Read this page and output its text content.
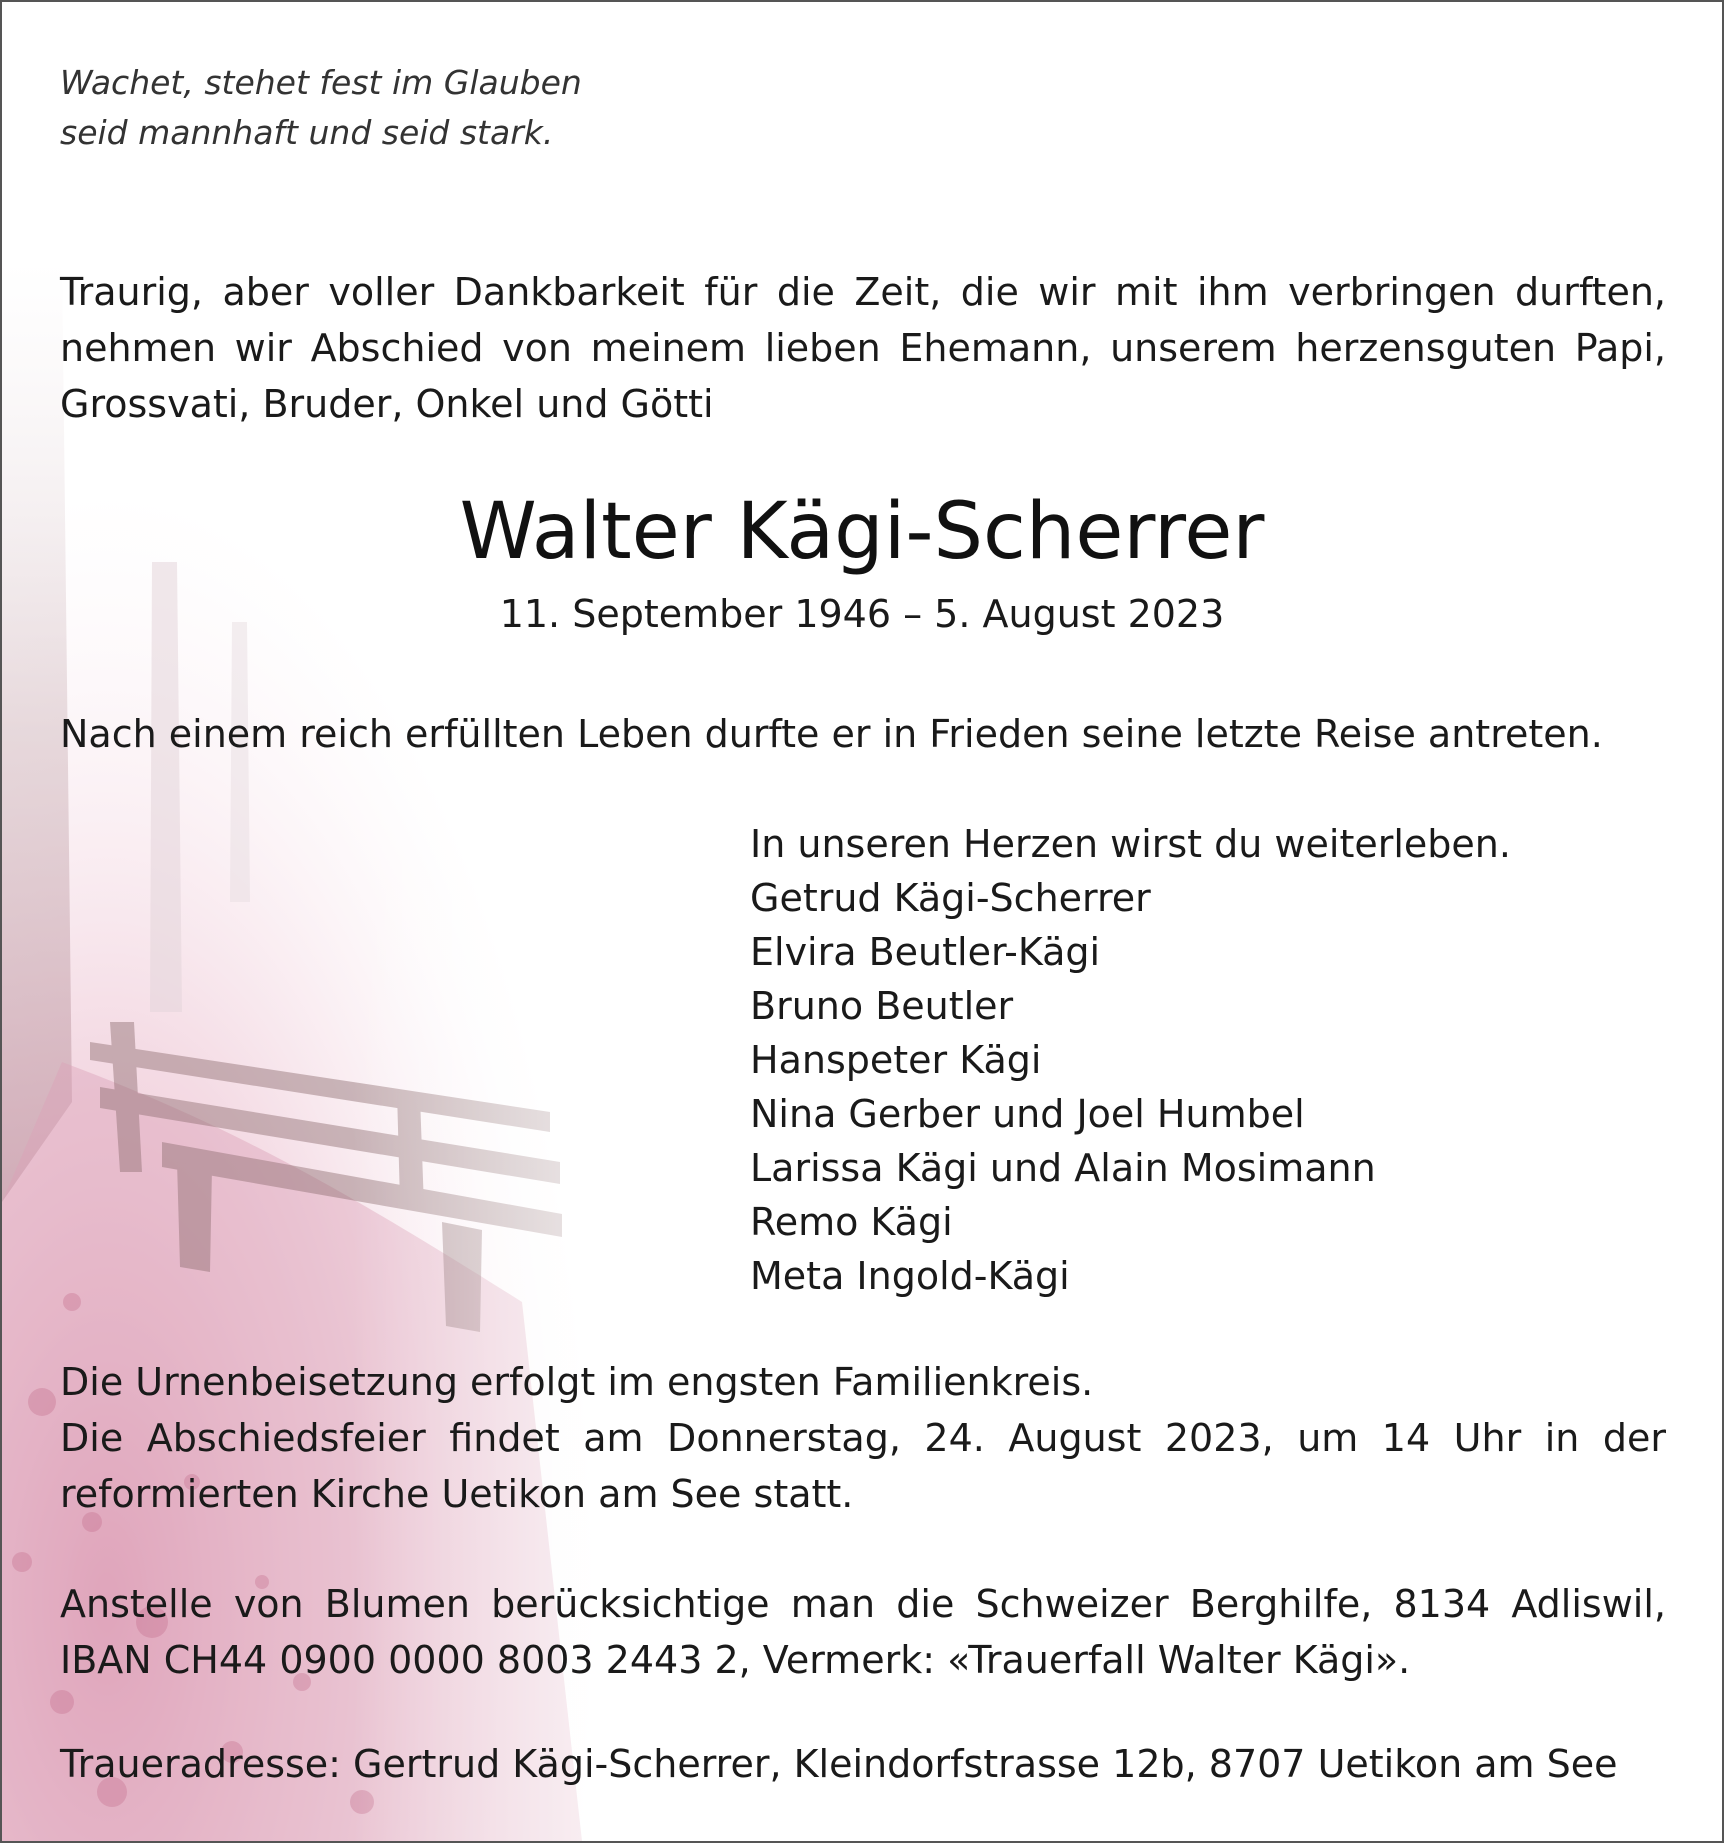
Wachet, stehet fest im Glauben
seid mannhaft und seid stark.
Traurig, aber voller Dankbarkeit für die Zeit, die wir mit ihm verbringen durften, nehmen wir Abschied von meinem lieben Ehemann, unserem herzensguten Papi, Grossvati, Bruder, Onkel und Götti
Walter Kägi-Scherrer
11. September 1946 – 5. August 2023
Nach einem reich erfüllten Leben durfte er in Frieden seine letzte Reise antreten.
In unseren Herzen wirst du weiterleben.
Getrud Kägi-Scherrer
Elvira Beutler-Kägi
Bruno Beutler
Hanspeter Kägi
Nina Gerber und Joel Humbel
Larissa Kägi und Alain Mosimann
Remo Kägi
Meta Ingold-Kägi
Die Urnenbeisetzung erfolgt im engsten Familienkreis.
Die Abschiedsfeier findet am Donnerstag, 24. August 2023, um 14 Uhr in der reformierten Kirche Uetikon am See statt.
Anstelle von Blumen berücksichtige man die Schweizer Berghilfe, 8134 Adliswil, IBAN CH44 0900 0000 8003 2443 2, Vermerk: «Trauerfall Walter Kägi».
Traueradresse: Gertrud Kägi-Scherrer, Kleindorfstrasse 12b, 8707 Uetikon am See
